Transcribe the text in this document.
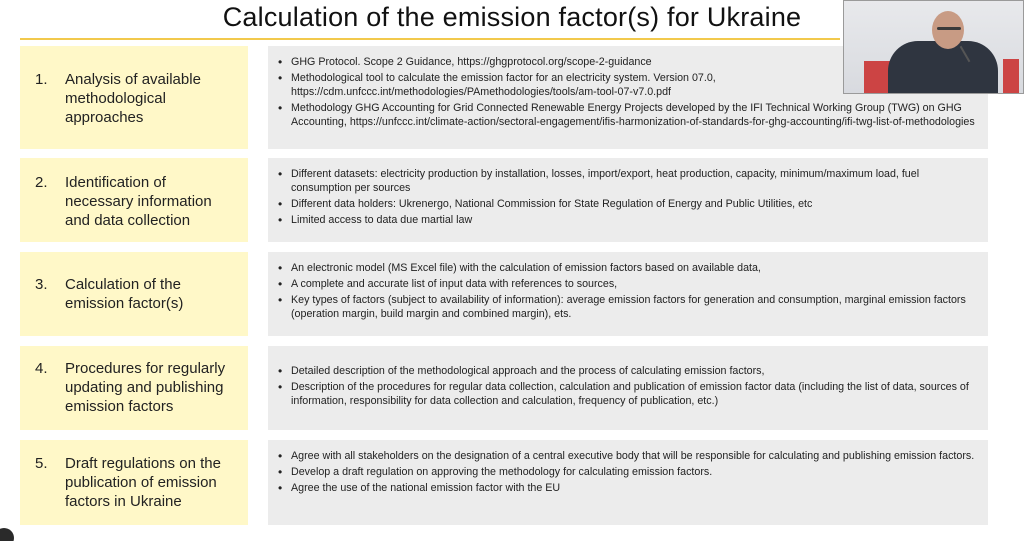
Calculation of the emission factor(s) for Ukraine
1.	Analysis of available methodological approaches
• GHG Protocol. Scope 2 Guidance, https://ghgprotocol.org/scope-2-guidance
• Methodological tool to calculate the emission factor for an electricity system. Version 07.0, https://cdm.unfccc.int/methodologies/PAmethodologies/tools/am-tool-07-v7.0.pdf
• Methodology GHG Accounting for Grid Connected Renewable Energy Projects developed by the IFI Technical Working Group (TWG) on GHG Accounting, https://unfccc.int/climate-action/sectoral-engagement/ifis-harmonization-of-standards-for-ghg-accounting/ifi-twg-list-of-methodologies
2.	Identification of necessary information and data collection
• Different datasets: electricity production by installation, losses, import/export, heat production, capacity, minimum/maximum load, fuel consumption per sources
• Different data holders: Ukrenergo, National Commission for State Regulation of Energy and Public Utilities, etc
• Limited access to data due martial law
3.	Calculation of the emission factor(s)
• An electronic model (MS Excel file) with the calculation of emission factors based on available data,
• A complete and accurate list of input data with references to sources,
• Key types of factors (subject to availability of information): average emission factors for generation and consumption, marginal emission factors (operation margin, build margin and combined margin), ets.
4.	Procedures for regularly updating and publishing emission factors
• Detailed description of the methodological approach and the process of calculating emission factors,
• Description of the procedures for regular data collection, calculation and publication of emission factor data (including the list of data, sources of information, responsibility for data collection and calculation, frequency of publication, etc.)
5.	Draft regulations on the publication of emission factors in Ukraine
• Agree with all stakeholders on the designation of a central executive body that will be responsible for calculating and publishing emission factors.
• Develop a draft regulation on approving the methodology for calculating emission factors.
• Agree the use of the national emission factor with the EU
